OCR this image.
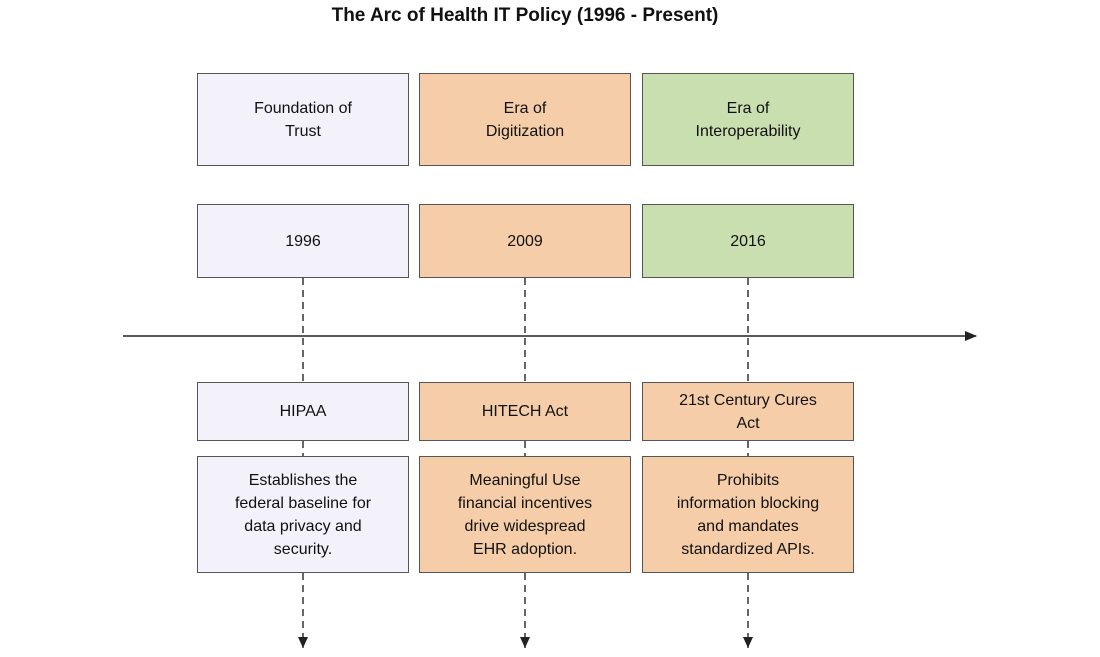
The Arc of Health IT Policy (1996 - Present)
Foundation of
Trust
1996
HIPAA
Establishes the
federal baseline for
data privacy and
security.
Era of
Digitization
2009
HITECH Act
Meaningful Use
financial incentives
drive widespread
EHR adoption.
Era of
Interoperability
2016
21st Century Cures
Act
Prohibits
information blocking
and mandates
standardized APIs.
